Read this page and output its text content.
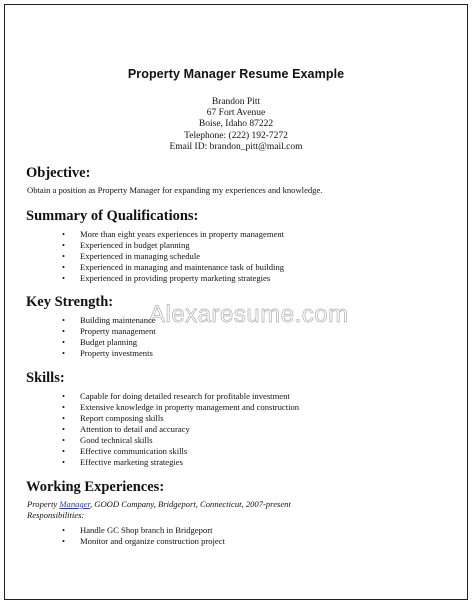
Property Manager Resume Example
Brandon Pitt
67 Fort Avenue
Boise, Idaho 87222
Telephone: (222) 192-7272
Email ID: brandon_pitt@mail.com
Objective:
Obtain a position as Property Manager for expanding my experiences and knowledge.
Summary of Qualifications:
• More than eight years experiences in property management
• Experienced in budget planning
• Experienced in managing schedule
• Experienced in managing and maintenance task of building
• Experienced in providing property marketing strategies
Key Strength:
• Building maintenance
• Property management
• Budget planning
• Property investments
Skills:
• Capable for doing detailed research for profitable investment
• Extensive knowledge in property management and construction
• Report composing skills
• Attention to detail and accuracy
• Good technical skills
• Effective communication skills
• Effective marketing strategies
Working Experiences:
Property Manager, GOOD Company, Bridgeport, Connecticut, 2007-present
Responsibilities:
• Handle GC Shop branch in Bridgeport
• Monitor and organize construction project
Alexaresume.com
